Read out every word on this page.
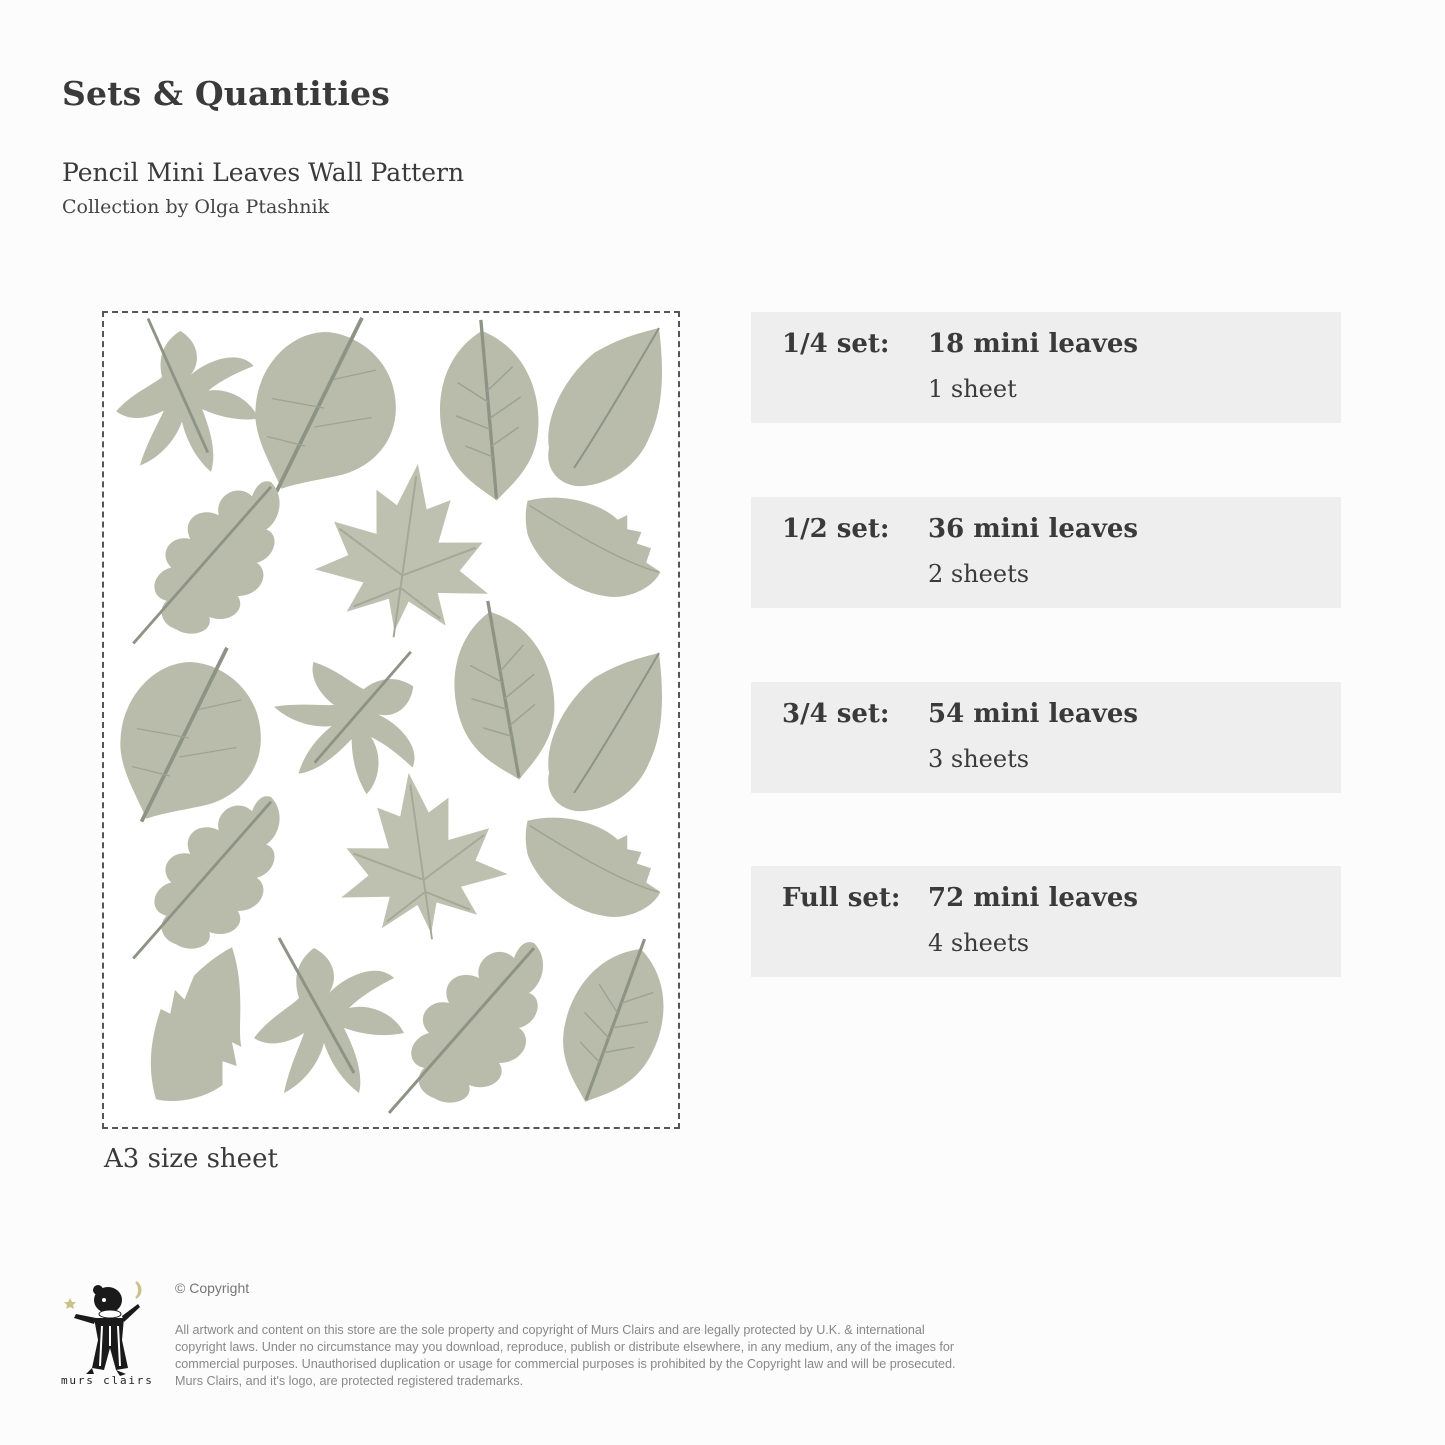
Sets & Quantities
Pencil Mini Leaves Wall Pattern
Collection by Olga Ptashnik
A3 size sheet
1/4 set: 18 mini leaves
1 sheet
1/2 set: 36 mini leaves
2 sheets
3/4 set: 54 mini leaves
3 sheets
Full set: 72 mini leaves
4 sheets
murs clairs
© Copyright
All artwork and content on this store are the sole property and copyright of Murs Clairs and are legally protected by U.K. & international copyright laws. Under no circumstance may you download, reproduce, publish or distribute elsewhere, in any medium, any of the images for commercial purposes. Unauthorised duplication or usage for commercial purposes is prohibited by the Copyright law and will be prosecuted. Murs Clairs, and it's logo, are protected registered trademarks.
